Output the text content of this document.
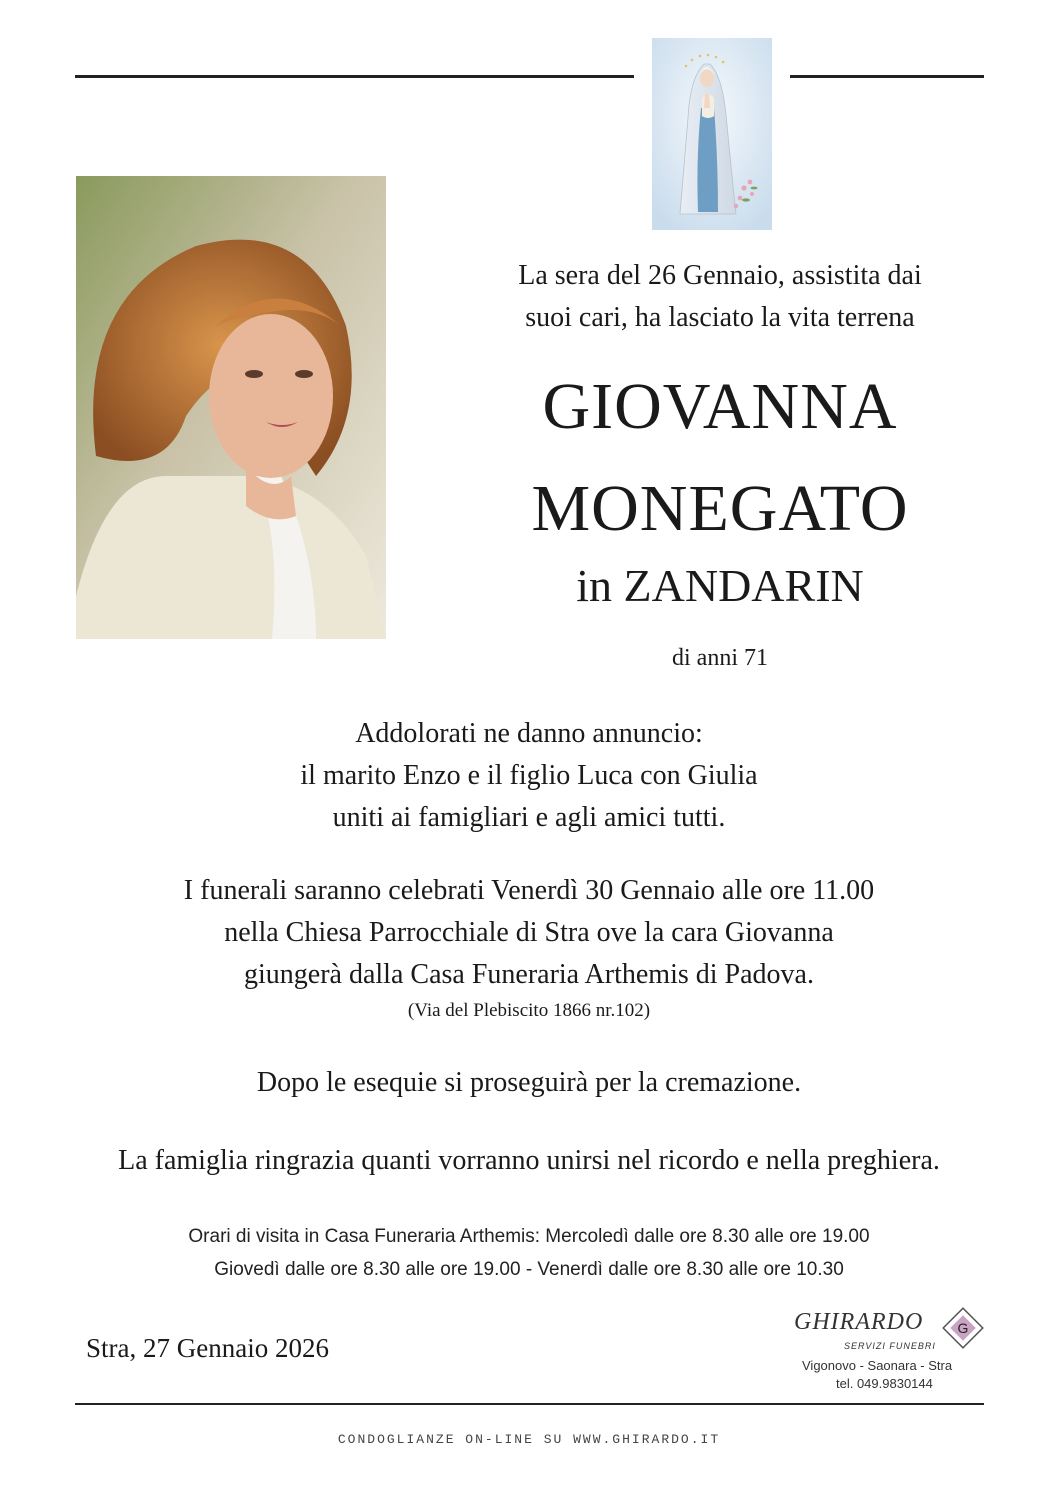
La sera del 26 Gennaio, assistita dai
suoi cari, ha lasciato la vita terrena
GIOVANNA
MONEGATO
in ZANDARIN
di anni 71
Addolorati ne danno annuncio:
il marito Enzo e il figlio Luca con Giulia
uniti ai famigliari e agli amici tutti.
I funerali saranno celebrati Venerdì 30 Gennaio alle ore 11.00
nella Chiesa Parrocchiale di Stra ove la cara Giovanna
giungerà dalla Casa Funeraria Arthemis di Padova.
(Via del Plebiscito 1866 nr.102)
Dopo le esequie si proseguirà per la cremazione.
La famiglia ringrazia quanti vorranno unirsi nel ricordo e nella preghiera.
Orari di visita in Casa Funeraria Arthemis: Mercoledì dalle ore 8.30 alle ore 19.00
Giovedì dalle ore 8.30 alle ore 19.00 - Venerdì dalle ore 8.30 alle ore 10.30
Stra, 27 Gennaio 2026
GHIRARDO
SERVIZI FUNEBRI
G
Vigonovo - Saonara - Stra
tel. 049.9830144
CONDOGLIANZE ON-LINE SU WWW.GHIRARDO.IT
